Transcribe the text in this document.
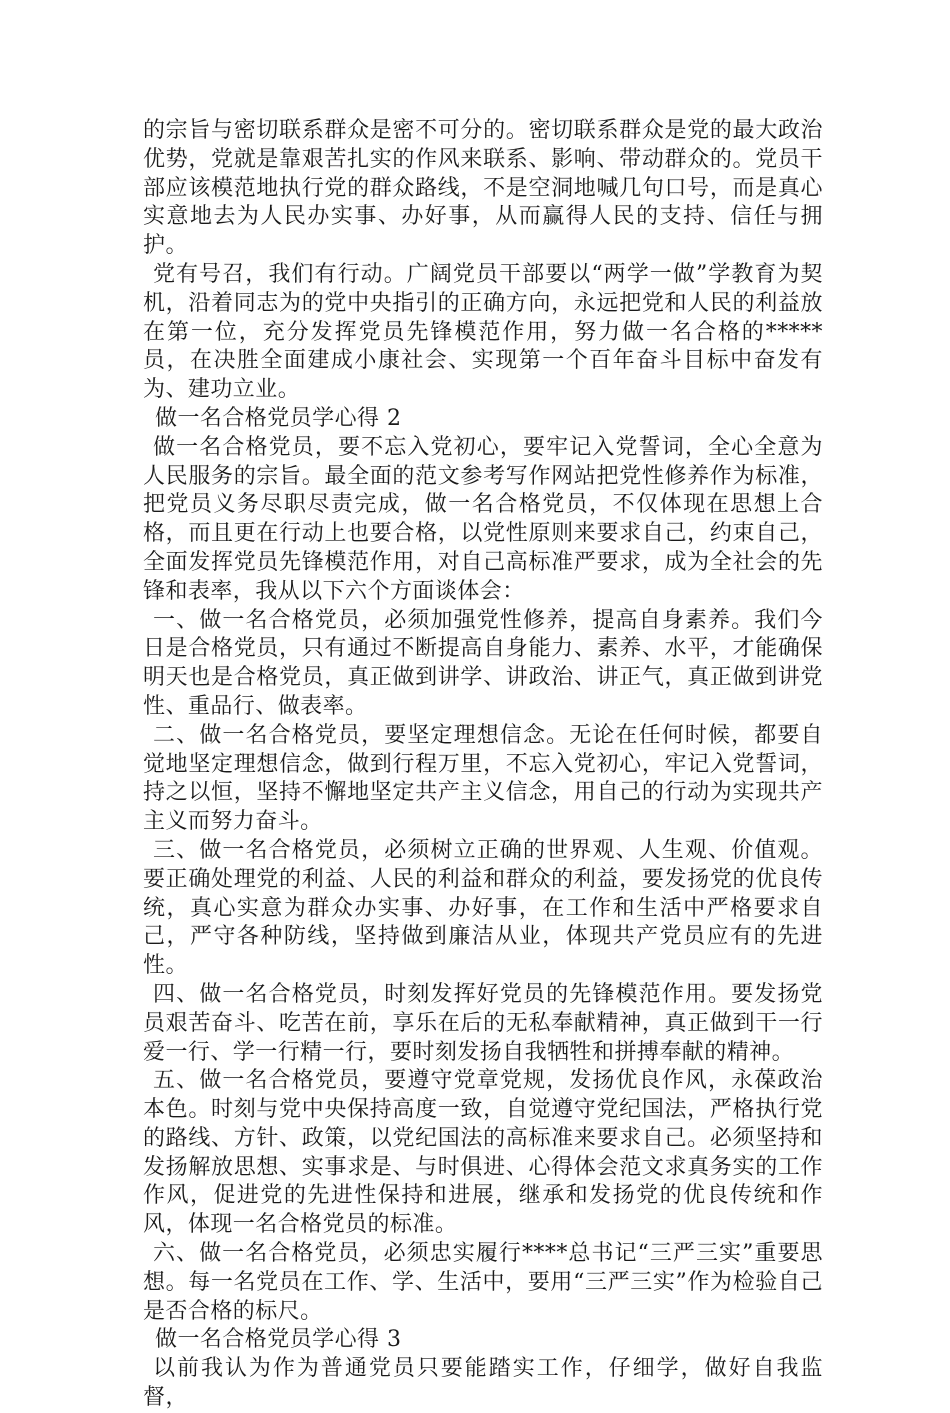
的宗旨与密切联系群众是密不可分的。密切联系群众是党的最大政治优势，党就是靠艰苦扎实的作风来联系、影响、带动群众的。党员干部应该模范地执行党的群众路线，不是空洞地喊几句口号，而是真心实意地去为人民办实事、办好事，从而赢得人民的支持、信任与拥护。

党有号召，我们有行动。广阔党员干部要以“两学一做”学教育为契机，沿着同志为的党中央指引的正确方向，永远把党和人民的利益放在第一位，充分发挥党员先锋模范作用，努力做一名合格的*****员，在决胜全面建成小康社会、实现第一个百年奋斗目标中奋发有为、建功立业。

做一名合格党员学心得 2

做一名合格党员，要不忘入党初心，要牢记入党誓词，全心全意为人民服务的宗旨。最全面的范文参考写作网站把党性修养作为标准，把党员义务尽职尽责完成，做一名合格党员，不仅体现在思想上合格，而且更在行动上也要合格，以党性原则来要求自己，约束自己，全面发挥党员先锋模范作用，对自己高标准严要求，成为全社会的先锋和表率，我从以下六个方面谈体会：

一、做一名合格党员，必须加强党性修养，提高自身素养。我们今日是合格党员，只有通过不断提高自身能力、素养、水平，才能确保明天也是合格党员，真正做到讲学、讲政治、讲正气，真正做到讲党性、重品行、做表率。

二、做一名合格党员，要坚定理想信念。无论在任何时候，都要自觉地坚定理想信念，做到行程万里，不忘入党初心，牢记入党誓词，持之以恒，坚持不懈地坚定共产主义信念，用自己的行动为实现共产主义而努力奋斗。

三、做一名合格党员，必须树立正确的世界观、人生观、价值观。要正确处理党的利益、人民的利益和群众的利益，要发扬党的优良传统，真心实意为群众办实事、办好事，在工作和生活中严格要求自己，严守各种防线，坚持做到廉洁从业，体现共产党员应有的先进性。

四、做一名合格党员，时刻发挥好党员的先锋模范作用。要发扬党员艰苦奋斗、吃苦在前，享乐在后的无私奉献精神，真正做到干一行爱一行、学一行精一行，要时刻发扬自我牺牲和拼搏奉献的精神。

五、做一名合格党员，要遵守党章党规，发扬优良作风，永葆政治本色。时刻与党中央保持高度一致，自觉遵守党纪国法，严格执行党的路线、方针、政策，以党纪国法的高标准来要求自己。必须坚持和发扬解放思想、实事求是、与时俱进、心得体会范文求真务实的工作作风，促进党的先进性保持和进展，继承和发扬党的优良传统和作风，体现一名合格党员的标准。

六、做一名合格党员，必须忠实履行****总书记“三严三实”重要思想。每一名党员在工作、学、生活中，要用“三严三实”作为检验自己是否合格的标尺。

做一名合格党员学心得 3

以前我认为作为普通党员只要能踏实工作，仔细学，做好自我监督，
